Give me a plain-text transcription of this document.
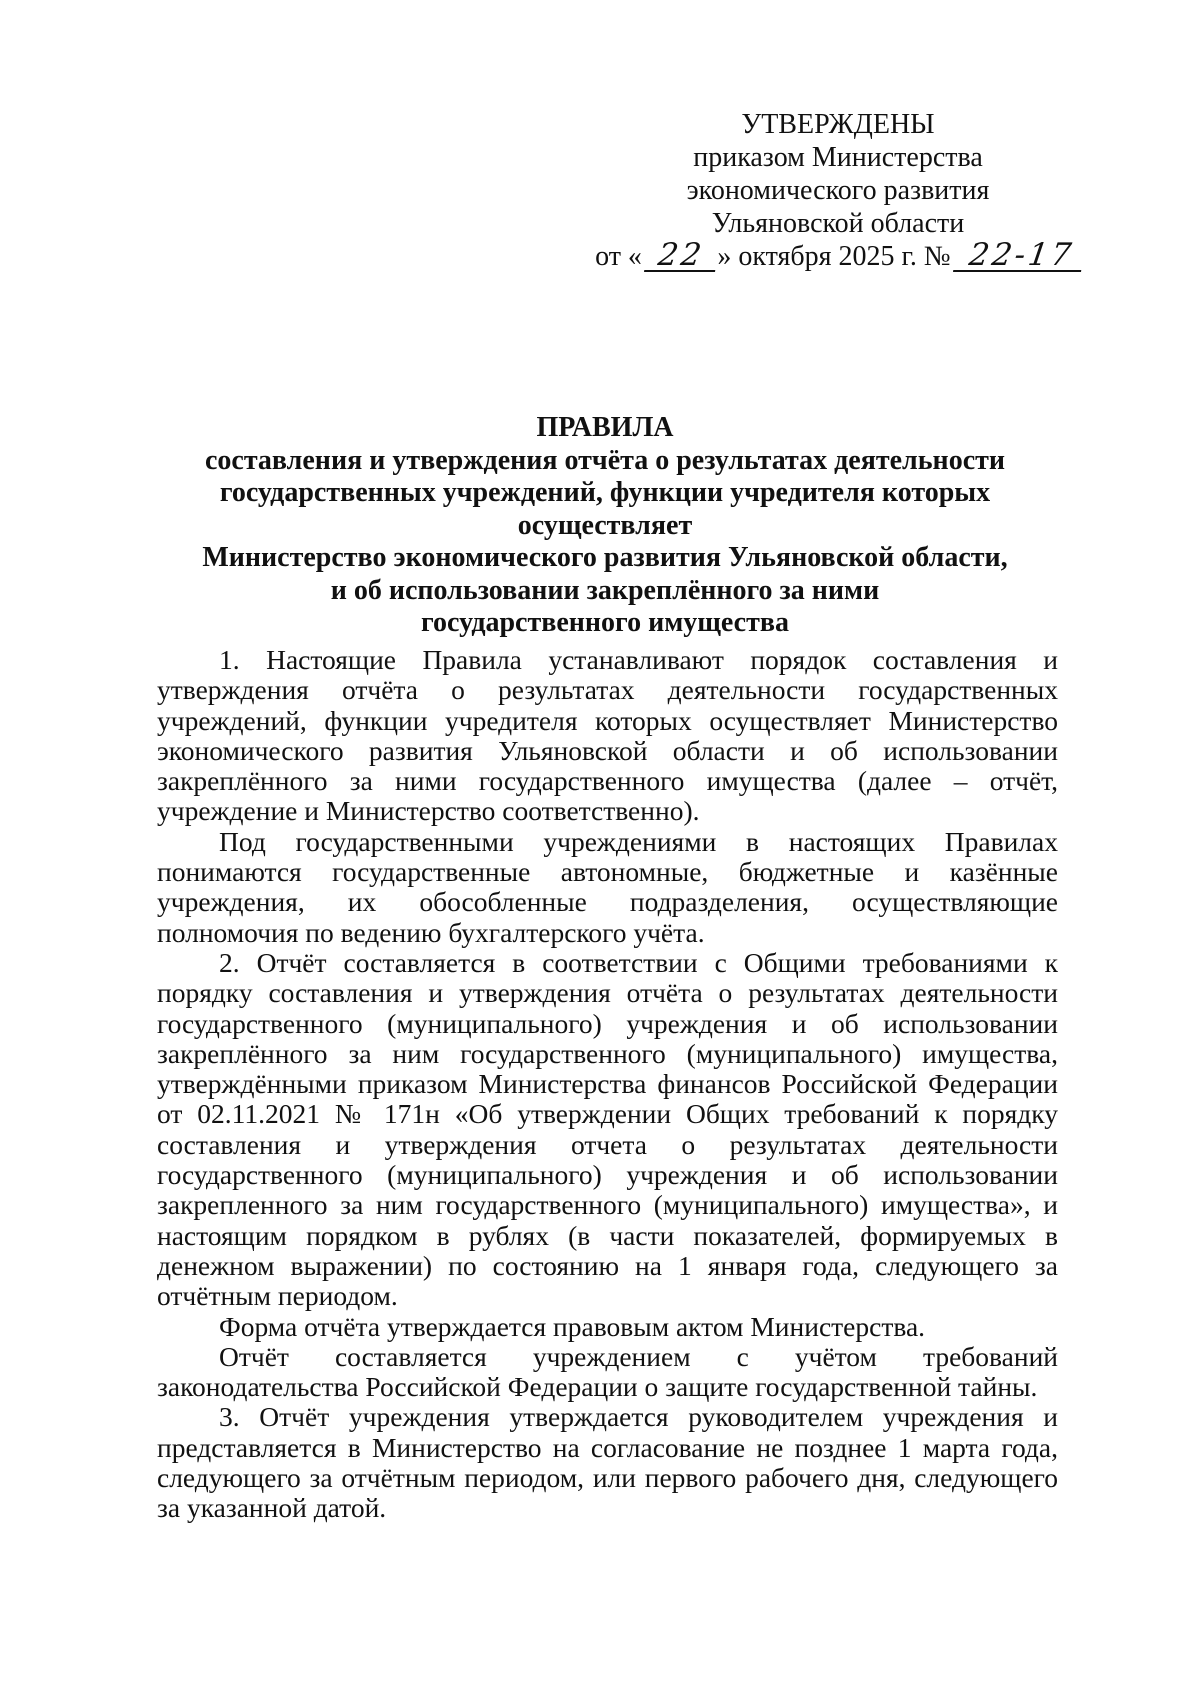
УТВЕРЖДЕНЫ
приказом Министерства
экономического развития
Ульяновской области
от « 22 » октября 2025 г. № 22-17
ПРАВИЛА
составления и утверждения отчёта о результатах деятельности
государственных учреждений, функции учредителя которых осуществляет
Министерство экономического развития Ульяновской области,
и об использовании закреплённого за ними
государственного имущества

1. Настоящие Правила устанавливают порядок составления и утверждения отчёта о результатах деятельности государственных учреждений, функции учредителя которых осуществляет Министерство экономического развития Ульяновской области и об использовании закреплённого за ними государственного имущества (далее – отчёт, учреждение и Министерство соответственно).

Под государственными учреждениями в настоящих Правилах понимаются государственные автономные, бюджетные и казённые учреждения, их обособленные подразделения, осуществляющие полномочия по ведению бухгалтерского учёта.

2. Отчёт составляется в соответствии с Общими требованиями к порядку составления и утверждения отчёта о результатах деятельности государственного (муниципального) учреждения и об использовании закреплённого за ним государственного (муниципального) имущества, утверждёнными приказом Министерства финансов Российской Федерации от 02.11.2021 № 171н «Об утверждении Общих требований к порядку составления и утверждения отчета о результатах деятельности государственного (муниципального) учреждения и об использовании закрепленного за ним государственного (муниципального) имущества», и настоящим порядком в рублях (в части показателей, формируемых в денежном выражении) по состоянию на 1 января года, следующего за отчётным периодом.

Форма отчёта утверждается правовым актом Министерства.

Отчёт составляется учреждением с учётом требований законодательства Российской Федерации о защите государственной тайны.

3. Отчёт учреждения утверждается руководителем учреждения и представляется в Министерство на согласование не позднее 1 марта года, следующего за отчётным периодом, или первого рабочего дня, следующего за указанной датой.
